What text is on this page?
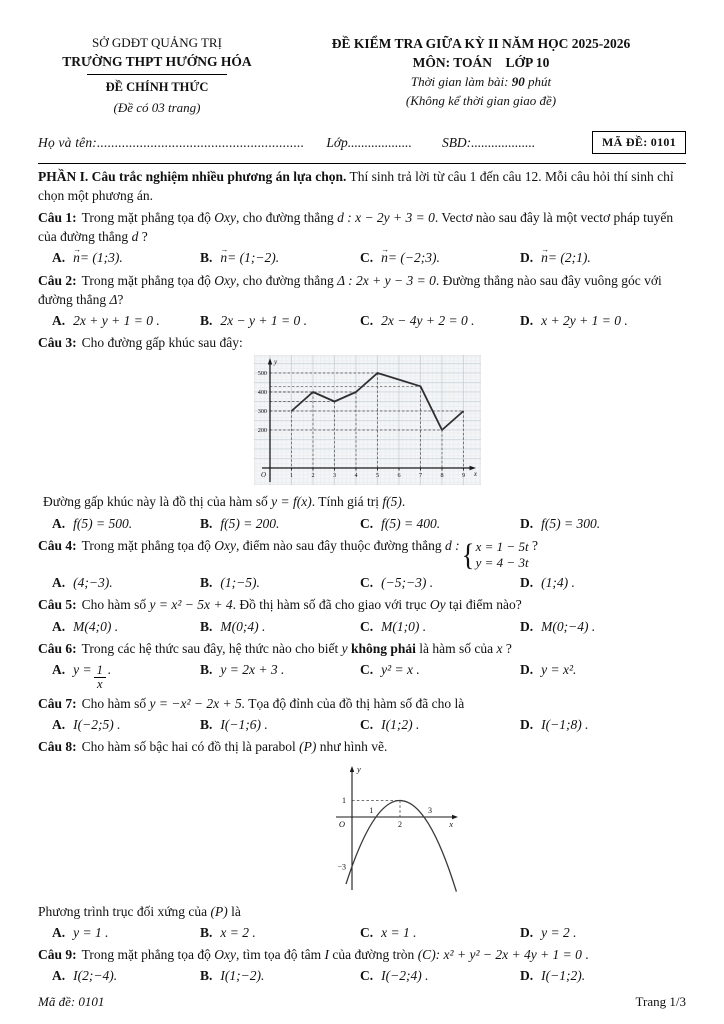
SỞ GDĐT QUẢNG TRỊ
TRƯỜNG THPT HƯỚNG HÓA
ĐỀ CHÍNH THỨC
(Đề có 03 trang)
ĐỀ KIỂM TRA GIỮA KỲ II NĂM HỌC 2025-2026
MÔN: TOÁN    LỚP 10
Thời gian làm bài: 90 phút
(Không kể thời gian giao đề)
Họ và tên:.......................................................... Lớp................... SBD:...................	MÃ ĐỀ: 0101

PHẦN I. Câu trắc nghiệm nhiều phương án lựa chọn. Thí sinh trả lời từ câu 1 đến câu 12. Mỗi câu hỏi thí sinh chỉ chọn một phương án.

Câu 1: Trong mặt phẳng tọa độ Oxy, cho đường thẳng d : x − 2y + 3 = 0. Vectơ nào sau đây là một vectơ pháp tuyến của đường thẳng d ?

A. n → = (1;3).	B. n → = (1;−2).	C. n → = (−2;3).	D. n → = (2;1).

Câu 2: Trong mặt phẳng tọa độ Oxy, cho đường thẳng Δ : 2x + y − 3 = 0. Đường thẳng nào sau đây vuông góc với đường thẳng Δ?

A. 2x + y + 1 = 0 .	B. 2x − y + 1 = 0 .	C. 2x − 4y + 2 = 0 .	D. x + 2y + 1 = 0 .

Câu 3: Cho đường gấp khúc sau đây:

1	2	3	4	5	6	7	8	9
200
300
400
500
y
x
O

Đường gấp khúc này là đồ thị của hàm số y = f(x). Tính giá trị f(5).

A. f(5) = 500.	B. f(5) = 200.	C. f(5) = 400.	D. f(5) = 300.

Câu 4: Trong mặt phẳng tọa độ Oxy, điểm nào sau đây thuộc đường thẳng d : { x = 1 − 5t
y = 4 − 3t
?

A. (4;−3).	B. (1;−5).	C. (−5;−3) .	D. (1;4) .

Câu 5: Cho hàm số y = x² − 5x + 4. Đồ thị hàm số đã cho giao với trục Oy tại điểm nào?

A. M(4;0) .	B. M(0;4) .	C. M(1;0) .	D. M(0;−4) .

Câu 6: Trong các hệ thức sau đây, hệ thức nào cho biết y không phải là hàm số của x ?

A. $y = \frac{1}{x}$ .	B. y = 2x + 3 .	C. y² = x .	D. y = x².

Câu 7: Cho hàm số y = −x² − 2x + 5. Tọa độ đỉnh của đồ thị hàm số đã cho là

A. I(−2;5) .	B. I(−1;6) .	C. I(1;2) .	D. I(−1;8) .

Câu 8: Cho hàm số bậc hai có đồ thị là parabol (P) như hình vẽ.

1
−3
1
2
3
O
y
x

Phương trình trục đối xứng của (P) là

A. y = 1 .	B. x = 2 .	C. x = 1 .	D. y = 2 .

Câu 9: Trong mặt phẳng tọa độ Oxy, tìm tọa độ tâm I của đường tròn (C): x² + y² − 2x + 4y + 1 = 0 .

A. I(2;−4).	B. I(1;−2).	C. I(−2;4) .	D. I(−1;2).
Mã đề: 0101	Trang 1/3
